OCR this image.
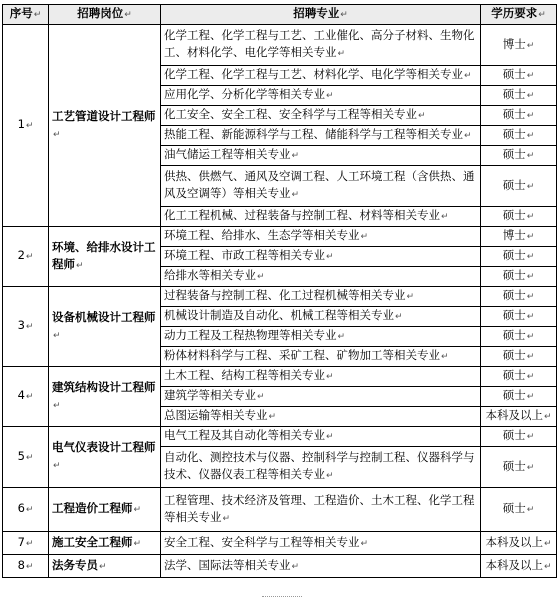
序号↵	招聘岗位↵	招聘专业↵	学历要求↵
1↵	工艺管道设计工程师↵	化学工程、化学工程与工艺、工业催化、高分子材料、生物化工、材料化学、电化学等相关专业↵	博士↵
		化学工程、化学工程与工艺、材料化学、电化学等相关专业↵	硕士↵
		应用化学、分析化学等相关专业↵	硕士↵
		化工安全、安全工程、安全科学与工程等相关专业↵	硕士↵
		热能工程、新能源科学与工程、储能科学与工程等相关专业↵	硕士↵
		油气储运工程等相关专业↵	硕士↵
		供热、供燃气、通风及空调工程、人工环境工程（含供热、通风及空调等）等相关专业↵	硕士↵
		化工工程机械、过程装备与控制工程、材料等相关专业↵	硕士↵
2↵	环境、给排水设计工程师↵	环境工程、给排水、生态学等相关专业↵	博士↵
		环境工程、市政工程等相关专业↵	硕士↵
		给排水等相关专业↵	硕士↵
3↵	设备机械设计工程师↵	过程装备与控制工程、化工过程机械等相关专业↵	硕士↵
		机械设计制造及自动化、机械工程等相关专业↵	硕士↵
		动力工程及工程热物理等相关专业↵	硕士↵
		粉体材料科学与工程、采矿工程、矿物加工等相关专业↵	硕士↵
4↵	建筑结构设计工程师↵	土木工程、结构工程等相关专业↵	硕士↵
		建筑学等相关专业↵	硕士↵
		总图运输等相关专业↵	本科及以上↵
5↵	电气仪表设计工程师↵	电气工程及其自动化等相关专业↵	硕士↵
		自动化、测控技术与仪器、控制科学与控制工程、仪器科学与技术、仪器仪表工程等相关专业↵	硕士↵
6↵	工程造价工程师↵	工程管理、技术经济及管理、工程造价、土木工程、化学工程等相关专业↵	硕士↵
7↵	施工安全工程师↵	安全工程、安全科学与工程等相关专业↵	本科及以上↵
8↵	法务专员↵	法学、国际法等相关专业↵	本科及以上↵
